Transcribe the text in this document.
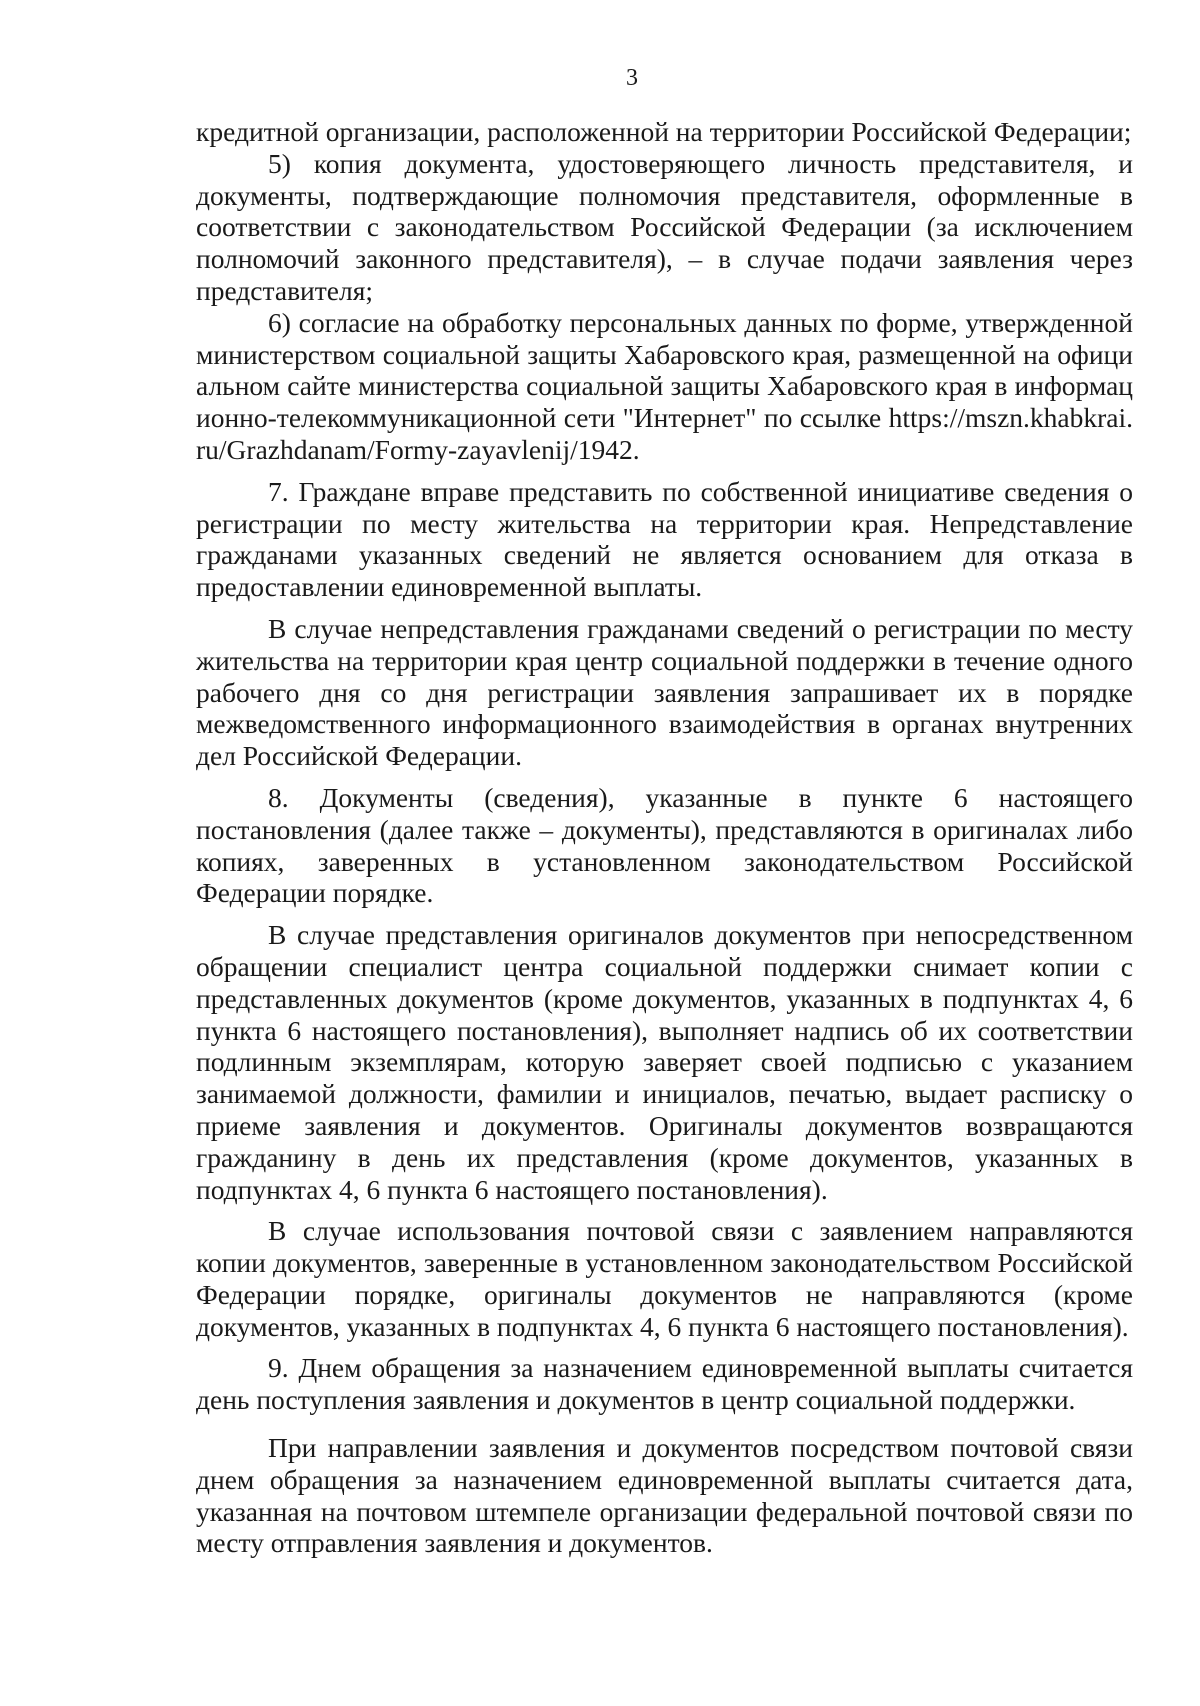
3

кредитной организации, расположенной на территории Российской Федерации;

5) копия документа, удостоверяющего личность представителя, и документы, подтверждающие полномочия представителя, оформленные в соответствии с законодательством Российской Федерации (за исключением полномочий законного представителя), – в случае подачи заявления через представителя;

6) согласие на обработку персональных данных по форме, утвержденной министерством социальной защиты Хабаровского края, размещенной на официальном сайте министерства социальной защиты Хабаровского края в информационно-телекоммуникационной сети "Интернет" по ссылке https://mszn.khabkrai.ru/Grazhdanam/Formy-zayavlenij/1942.

7. Граждане вправе представить по собственной инициативе сведения о регистрации по месту жительства на территории края. Непредставление гражданами указанных сведений не является основанием для отказа в предоставлении единовременной выплаты.

В случае непредставления гражданами сведений о регистрации по месту жительства на территории края центр социальной поддержки в течение одного рабочего дня со дня регистрации заявления запрашивает их в порядке межведомственного информационного взаимодействия в органах внутренних дел Российской Федерации.

8. Документы (сведения), указанные в пункте 6 настоящего постановления (далее также – документы), представляются в оригиналах либо копиях, заверенных в установленном законодательством Российской Федерации порядке.

В случае представления оригиналов документов при непосредственном обращении специалист центра социальной поддержки снимает копии с представленных документов (кроме документов, указанных в подпунктах 4, 6 пункта 6 настоящего постановления), выполняет надпись об их соответствии подлинным экземплярам, которую заверяет своей подписью с указанием занимаемой должности, фамилии и инициалов, печатью, выдает расписку о приеме заявления и документов. Оригиналы документов возвращаются гражданину в день их представления (кроме документов, указанных в подпунктах 4, 6 пункта 6 настоящего постановления).

В случае использования почтовой связи с заявлением направляются копии документов, заверенные в установленном законодательством Российской Федерации порядке, оригиналы документов не направляются (кроме документов, указанных в подпунктах 4, 6 пункта 6 настоящего постановления).

9. Днем обращения за назначением единовременной выплаты считается день поступления заявления и документов в центр социальной поддержки.

При направлении заявления и документов посредством почтовой связи днем обращения за назначением единовременной выплаты считается дата, указанная на почтовом штемпеле организации федеральной почтовой связи по месту отправления заявления и документов.
